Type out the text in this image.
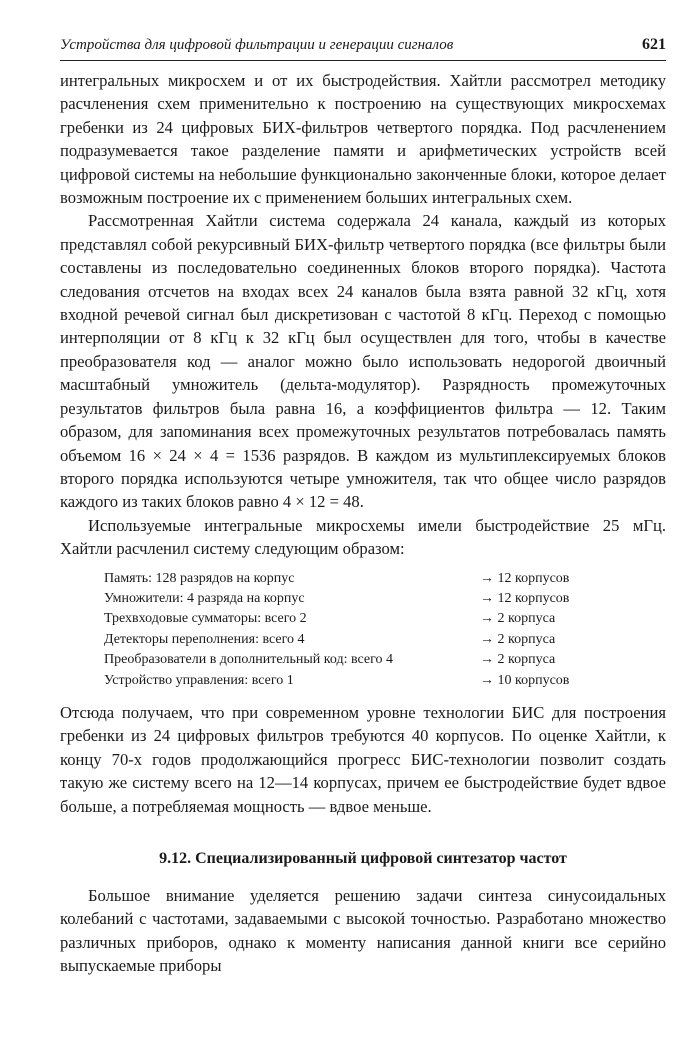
Устройства для цифровой фильтрации и генерации сигналов	621

интегральных микросхем и от их быстродействия. Хайтли рассмотрел методику расчленения схем применительно к построению на существующих микросхемах гребенки из 24 цифровых БИХ-фильтров четвертого порядка. Под расчленением подразумевается такое разделение памяти и арифметических устройств всей цифровой системы на небольшие функционально законченные блоки, которое делает возможным построение их с применением больших интегральных схем.

Рассмотренная Хайтли система содержала 24 канала, каждый из которых представлял собой рекурсивный БИХ-фильтр четвертого порядка (все фильтры были составлены из последовательно соединенных блоков второго порядка). Частота следования отсчетов на входах всех 24 каналов была взята равной 32 кГц, хотя входной речевой сигнал был дискретизован с частотой 8 кГц. Переход с помощью интерполяции от 8 кГц к 32 кГц был осуществлен для того, чтобы в качестве преобразователя код — аналог можно было использовать недорогой двоичный масштабный умножитель (дельта-модулятор). Разрядность промежуточных результатов фильтров была равна 16, а коэффициентов фильтра — 12. Таким образом, для запоминания всех промежуточных результатов потребовалась память объемом 16 × 24 × 4 = 1536 разрядов. В каждом из мультиплексируемых блоков второго порядка используются четыре умножителя, так что общее число разрядов каждого из таких блоков равно 4 × 12 = 48.

Используемые интегральные микросхемы имели быстродействие 25 мГц. Хайтли расчленил систему следующим образом:

Память: 128 разрядов на корпус	→ 12 корпусов
Умножители: 4 разряда на корпус	→ 12 корпусов
Трехвходовые сумматоры: всего 2	→ 2 корпуса
Детекторы переполнения: всего 4	→ 2 корпуса
Преобразователи в дополнительный код: всего 4	→ 2 корпуса
Устройство управления: всего 1	→ 10 корпусов

Отсюда получаем, что при современном уровне технологии БИС для построения гребенки из 24 цифровых фильтров требуются 40 корпусов. По оценке Хайтли, к концу 70-х годов продолжающийся прогресс БИС-технологии позволит создать такую же систему всего на 12—14 корпусах, причем ее быстродействие будет вдвое больше, а потребляемая мощность — вдвое меньше.

9.12. Специализированный цифровой синтезатор частот

Большое внимание уделяется решению задачи синтеза синусоидальных колебаний с частотами, задаваемыми с высокой точностью. Разработано множество различных приборов, однако к моменту написания данной книги все серийно выпускаемые приборы
